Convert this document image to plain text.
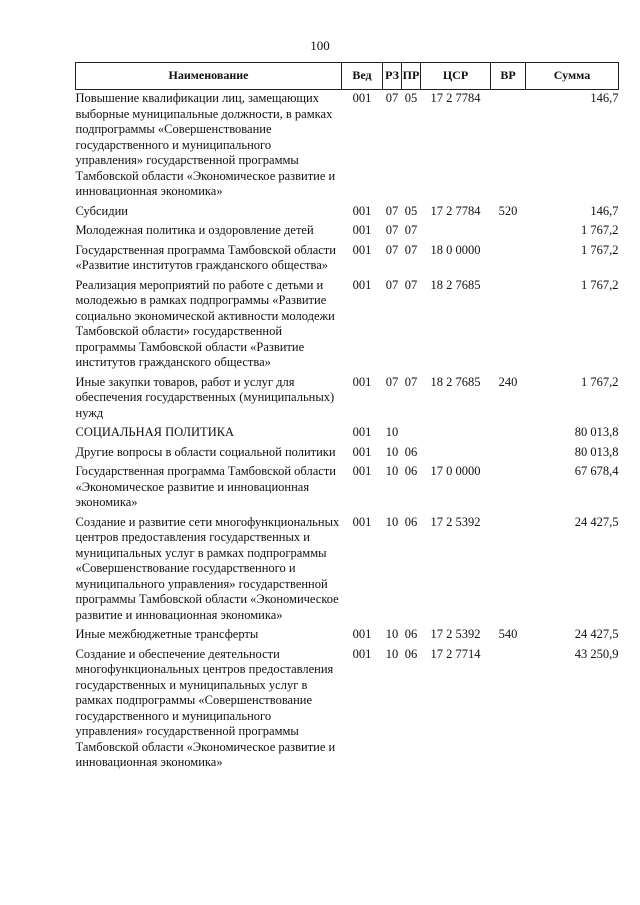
100
Наименование	Вед	РЗ	ПР	ЦСР	ВР	Сумма
Повышение квалификации лиц, замещающих выборные муниципальные должности, в рамках подпрограммы «Совершенствование государственного и муниципального управления» государственной программы Тамбовской области «Экономическое развитие и инновационная экономика»	001	07	05	17 2 7784		146,7
Субсидии	001	07	05	17 2 7784	520	146,7
Молодежная политика и оздоровление детей	001	07	07			1 767,2
Государственная программа Тамбовской области «Развитие институтов гражданского общества»	001	07	07	18 0 0000		1 767,2
Реализация мероприятий по работе с детьми и молодежью в рамках подпрограммы «Развитие социально экономической активности молодежи Тамбовской области» государственной программы Тамбовской области «Развитие институтов гражданского общества»	001	07	07	18 2 7685		1 767,2
Иные закупки товаров, работ и услуг для обеспечения государственных (муниципальных) нужд	001	07	07	18 2 7685	240	1 767,2
СОЦИАЛЬНАЯ ПОЛИТИКА	001	10				80 013,8
Другие вопросы в области социальной политики	001	10	06			80 013,8
Государственная программа Тамбовской области «Экономическое развитие и инновационная экономика»	001	10	06	17 0 0000		67 678,4
Создание и развитие сети многофункциональных центров предоставления государственных и муниципальных услуг в рамках подпрограммы «Совершенствование государственного и муниципального управления» государственной программы Тамбовской области «Экономическое развитие и инновационная экономика»	001	10	06	17 2 5392		24 427,5
Иные межбюджетные трансферты	001	10	06	17 2 5392	540	24 427,5
Создание и обеспечение деятельности многофункциональных центров предоставления государственных и муниципальных услуг в рамках подпрограммы «Совершенствование государственного и муниципального управления» государственной программы Тамбовской области «Экономическое развитие и инновационная экономика»	001	10	06	17 2 7714		43 250,9
